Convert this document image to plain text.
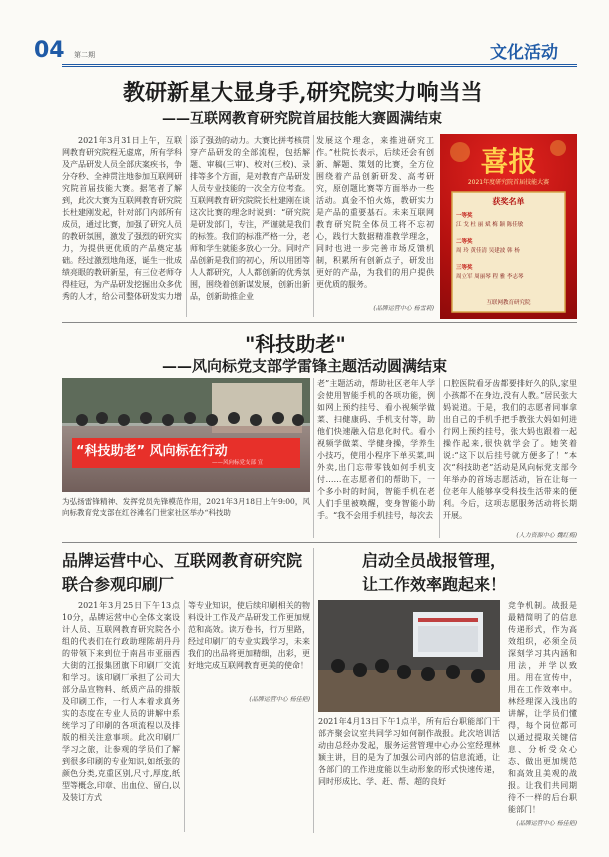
04 第二期	文化活动
教研新星大显身手,研究院实力响当当
——互联网教育研究院首届技能大赛圆满结束

2021年3月31日上午，互联网教育研究院程无虚席，所有学科及产品研发人员全部庆案疾书，争分夺秒、全神贯注地参加互联网研究院首届技能大赛。据笔者了解到，此次大赛为互联网教育研究院长杜建刚发起，针对部门内部所有成员，通过比赛，加强了研究人员的教研氛围，激发了强烈的研究实力，为提供更优质的产品奠定基础。经过激烈地角逐，诞生一批成绩亮眼的教研新星，有三位老师夺得桂冠，为产品研发挖掘出众多优秀的人才，给公司整体研发实力增

添了强劲的动力。大赛比拼考核贯穿产品研发的全部流程，包括解题、审稿(三审)、校对(三校)、录排等多个方面，是对教育产品研发人员专业技能的一次全方位考查。互联网教育研究院院长杜建刚在谈这次比赛的理念时说到：“研究院是研发部门，专注，严谨就是我们的标签。我们的标准严格一分，老师和学生就能多放心一分。同时产品创新是我们的初心，所以用团等人人都研究，人人都创新的优秀氛围，围绕着创新谋发展，创新出新品，创新助推企业

发展这个理念，来推进研究工作。”杜院长表示，后续还会有创新、解题、策划的比赛，全方位围绕着产品创新研发、高考研究，原创题比赛等方面举办一些活动。真金不怕火炼，教研实力是产品的重要基石。未来互联网教育研究院全体员工将不忘初心，践行大数据精准教学理念，同时也进一步完善市场反馈机制，积累所有创新点子，研发出更好的产品，为我们的用户提供更优质的服务。

(品牌运营中心 杨雪莉)
喜报
2021年度研究院首届技能大赛
获奖名单
一等奖
江 戈 杜 丽 斌 梅 颖 陈佳敏
二等奖
周 玲 黄佳清 吴建波 韩 杨
三等奖
周立军 周丽琴 程 雅 李志琴
互联网教育研究院
"科技助老"
——风向标党支部学雷锋主题活动圆满结束
“科技助老” 风向标在行动
——风向标党支部 宣
为弘扬雷锋精神、发挥党员先锋模范作用，2021年3月18日上午9:00，风向标教育党支部在红谷滩名门世家社区举办“科技助

老”主题活动，帮助社区老年人学会使用智能手机的各项功能，例如网上预约挂号、看小视频学做菜、扫健康码、手机支付等，助他们快速融入信息化时代。看小视频学做菜、学健身操，学养生小技巧，使用小程序下单买菜,叫外卖,出门忘带零钱如何手机支付……在志愿者们的帮助下，一个多小时的时间，智能手机在老人们手里被唤醒，变身智能小助手。“我不会用手机挂号，每次去

口腔医院看牙齿都要排好久的队,家里小孩都不在身边,没有人教。”居民张大妈说道。于是，我们的志愿者同事拿出自己的手机手把手教张大妈如何进行网上预约挂号，张大妈也跟着一起操作起来,很快就学会了。她笑着说:“这下以后挂号就方便多了！”本次“科技助老”活动是风向标党支部今年举办的首场志愿活动，旨在让每一位老年人能够享受科技生活带来的便利。今后，这项志愿服务活动将长期开展。

(人力资源中心 魏红梅)
品牌运营中心、互联网教育研究院
联合参观印刷厂

2021年3月25日下午13点10分，品牌运营中心全体文案设计人员、互联网教育研究院各小组的代表们在行政助理陈胡丹丹的带领下来到位于南昌市亚丽西大街的江报集团旗下印刷厂交流和学习。该印刷厂承担了公司大部分品宣物料、纸质产品的排版及印刷工作，一行人本着求真务实的态度在专业人员的讲解中系统学习了印刷的各项流程以及排版的相关注意事项。此次印刷厂学习之旅，让参观的学员们了解到很多印刷的专业知识,如纸张的颜色分类,克重区别,尺寸,厚度,纸型等概念,印章、出血位、留白,以及装订方式

等专业知识，使后续印刷相关的物料设计工作及产品研发工作更加规范和高效。读万卷书，行万里路，经过印刷厂的专业实践学习，未来我们的出品将更加精细，出彩，更好地完成互联网教育更美的使命！

(品牌运营中心 杨佳艳)
启动全员战报管理，
让工作效率跑起来！

竞争机制。战报是最精简明了的信息传递形式，作为高效组织，必须全员深刻学习其内涵和用法，并学以致用。用在宣传中，用在工作效率中。林经理深入浅出的讲解，让学员们懂得，每个岗位都可以通过提取关键信息、分析受众心态、做出更加规范和高效且美观的战报。让我们共同期待不一样的后台职能部门！

2021年4月13日下午1点半，所有后台职能部门干部齐聚会议室共同学习如何制作战报。此次培训活动由总经办发起，服务运营管理中心办公室经理林颖主讲，目的是为了加强公司内部的信息流通，让各部门的工作进度能以生动形象的形式快速传递，同时形成比、学、赶、帮、超的良好
(品牌运营中心 杨佳艳)
